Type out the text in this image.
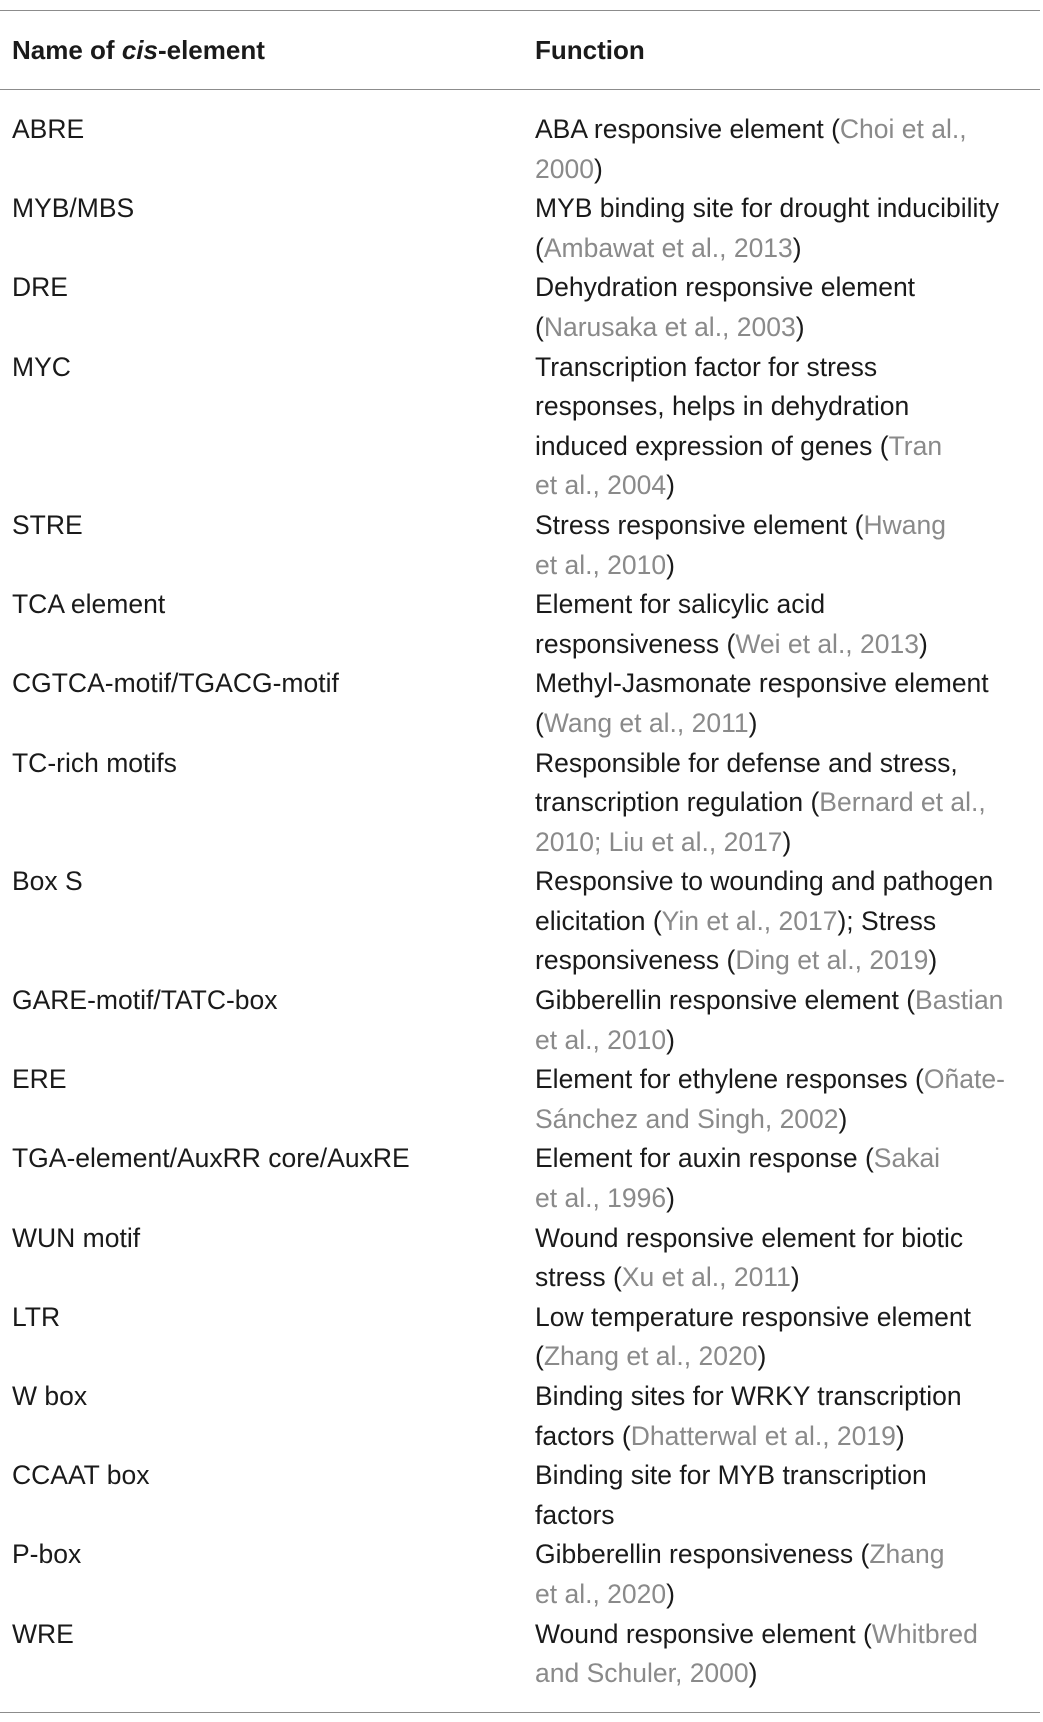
Name of cis-element	Function
ABRE	ABA responsive element (Choi et al.,
2000)
MYB/MBS	MYB binding site for drought inducibility
(Ambawat et al., 2013)
DRE	Dehydration responsive element
(Narusaka et al., 2003)
MYC	Transcription factor for stress
responses, helps in dehydration
induced expression of genes (Tran
et al., 2004)
STRE	Stress responsive element (Hwang
et al., 2010)
TCA element	Element for salicylic acid
responsiveness (Wei et al., 2013)
CGTCA-motif/TGACG-motif	Methyl-Jasmonate responsive element
(Wang et al., 2011)
TC-rich motifs	Responsible for defense and stress,
transcription regulation (Bernard et al.,
2010; Liu et al., 2017)
Box S	Responsive to wounding and pathogen
elicitation (Yin et al., 2017); Stress
responsiveness (Ding et al., 2019)
GARE-motif/TATC-box	Gibberellin responsive element (Bastian
et al., 2010)
ERE	Element for ethylene responses (Oñate-
Sánchez and Singh, 2002)
TGA-element/AuxRR core/AuxRE	Element for auxin response (Sakai
et al., 1996)
WUN motif	Wound responsive element for biotic
stress (Xu et al., 2011)
LTR	Low temperature responsive element
(Zhang et al., 2020)
W box	Binding sites for WRKY transcription
factors (Dhatterwal et al., 2019)
CCAAT box	Binding site for MYB transcription
factors
P-box	Gibberellin responsiveness (Zhang
et al., 2020)
WRE	Wound responsive element (Whitbred
and Schuler, 2000)
